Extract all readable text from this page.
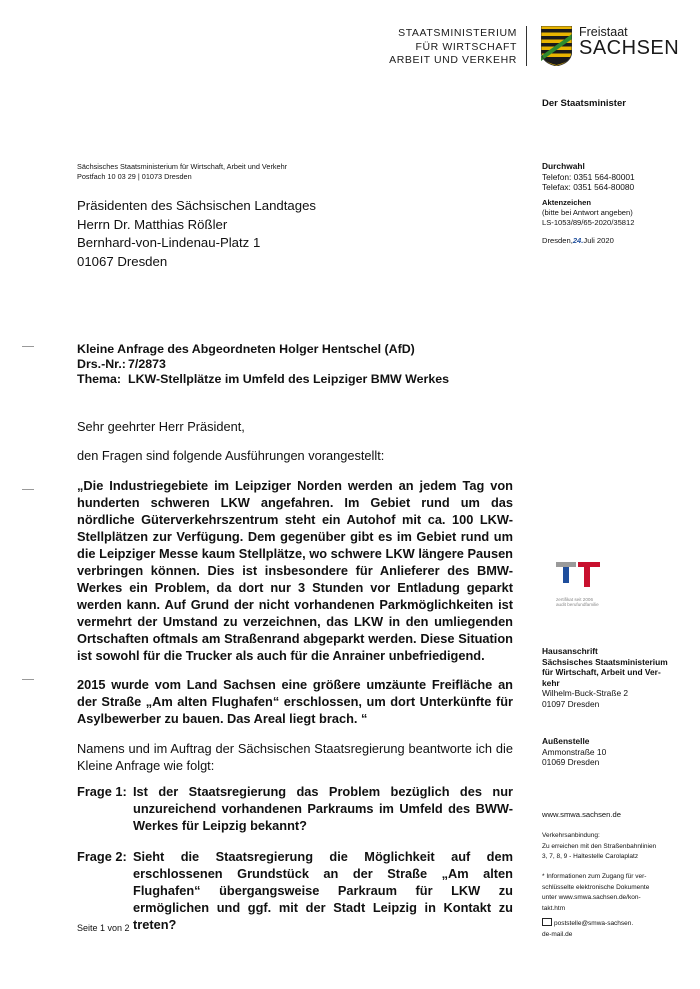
STAATSMINISTERIUM
FÜR WIRTSCHAFT
ARBEIT UND VERKEHR
Freistaat
SACHSEN
Der Staatsminister
Sächsisches Staatsministerium für Wirtschaft, Arbeit und Verkehr
Postfach 10 03 29 | 01073 Dresden
Präsidenten des Sächsischen Landtages
Herrn Dr. Matthias Rößler
Bernhard-von-Lindenau-Platz 1
01067 Dresden
Durchwahl
Telefon: 0351 564-80001
Telefax: 0351 564-80080
Aktenzeichen
(bitte bei Antwort angeben)
LS-1053/89/65-2020/35812
Dresden,24.Juli 2020
zertifikat seit 2006
audit berufundfamilie
Hausanschrift
Sächsisches Staatsministerium
für Wirtschaft, Arbeit und Ver-
kehr
Wilhelm-Buck-Straße 2
01097 Dresden
Außenstelle
Ammonstraße 10
01069 Dresden
www.smwa.sachsen.de
Verkehrsanbindung:
Zu erreichen mit den Straßenbahnlinien
3, 7, 8, 9 - Haltestelle Carolaplatz
* Informationen zum Zugang für ver-
schlüsselte elektronische Dokumente
unter www.smwa.sachsen.de/kon-
takt.htm
poststelle@smwa-sachsen.
de-mail.de
Kleine Anfrage des Abgeordneten Holger Hentschel (AfD)
Drs.-Nr.: 7/2873
Thema: LKW-Stellplätze im Umfeld des Leipziger BMW Werkes
Sehr geehrter Herr Präsident,
den Fragen sind folgende Ausführungen vorangestellt:
„Die Industriegebiete im Leipziger Norden werden an jedem Tag von hunderten schweren LKW angefahren. Im Gebiet rund um das nördliche Güterverkehrszentrum steht ein Autohof mit ca. 100 LKW-Stellplätzen zur Verfügung. Dem gegenüber gibt es im Gebiet rund um die Leipziger Messe kaum Stellplätze, wo schwere LKW längere Pausen verbringen können. Dies ist insbesondere für Anlieferer des BMW-Werkes ein Problem, da dort nur 3 Stunden vor Entladung geparkt werden kann. Auf Grund der nicht vorhandenen Parkmöglichkeiten ist vermehrt der Umstand zu verzeichnen, das LKW in den umliegenden Ortschaften oftmals am Straßenrand abgeparkt werden. Diese Situation ist sowohl für die Trucker als auch für die Anrainer unbefriedigend.
2015 wurde vom Land Sachsen eine größere umzäunte Freifläche an der Straße „Am alten Flughafen“ erschlossen, um dort Unterkünfte für Asylbewerber zu bauen. Das Areal liegt brach. “
Namens und im Auftrag der Sächsischen Staatsregierung beantworte ich die Kleine Anfrage wie folgt:
Frage 1: Ist der Staatsregierung das Problem bezüglich des nur unzureichend vorhandenen Parkraums im Umfeld des BWW-Werkes für Leipzig bekannt?
Frage 2: Sieht die Staatsregierung die Möglichkeit auf dem erschlossenen Grundstück an der Straße „Am alten Flughafen“ übergangsweise Parkraum für LKW zu ermöglichen und ggf. mit der Stadt Leipzig in Kontakt zu treten?
Seite 1 von 2
